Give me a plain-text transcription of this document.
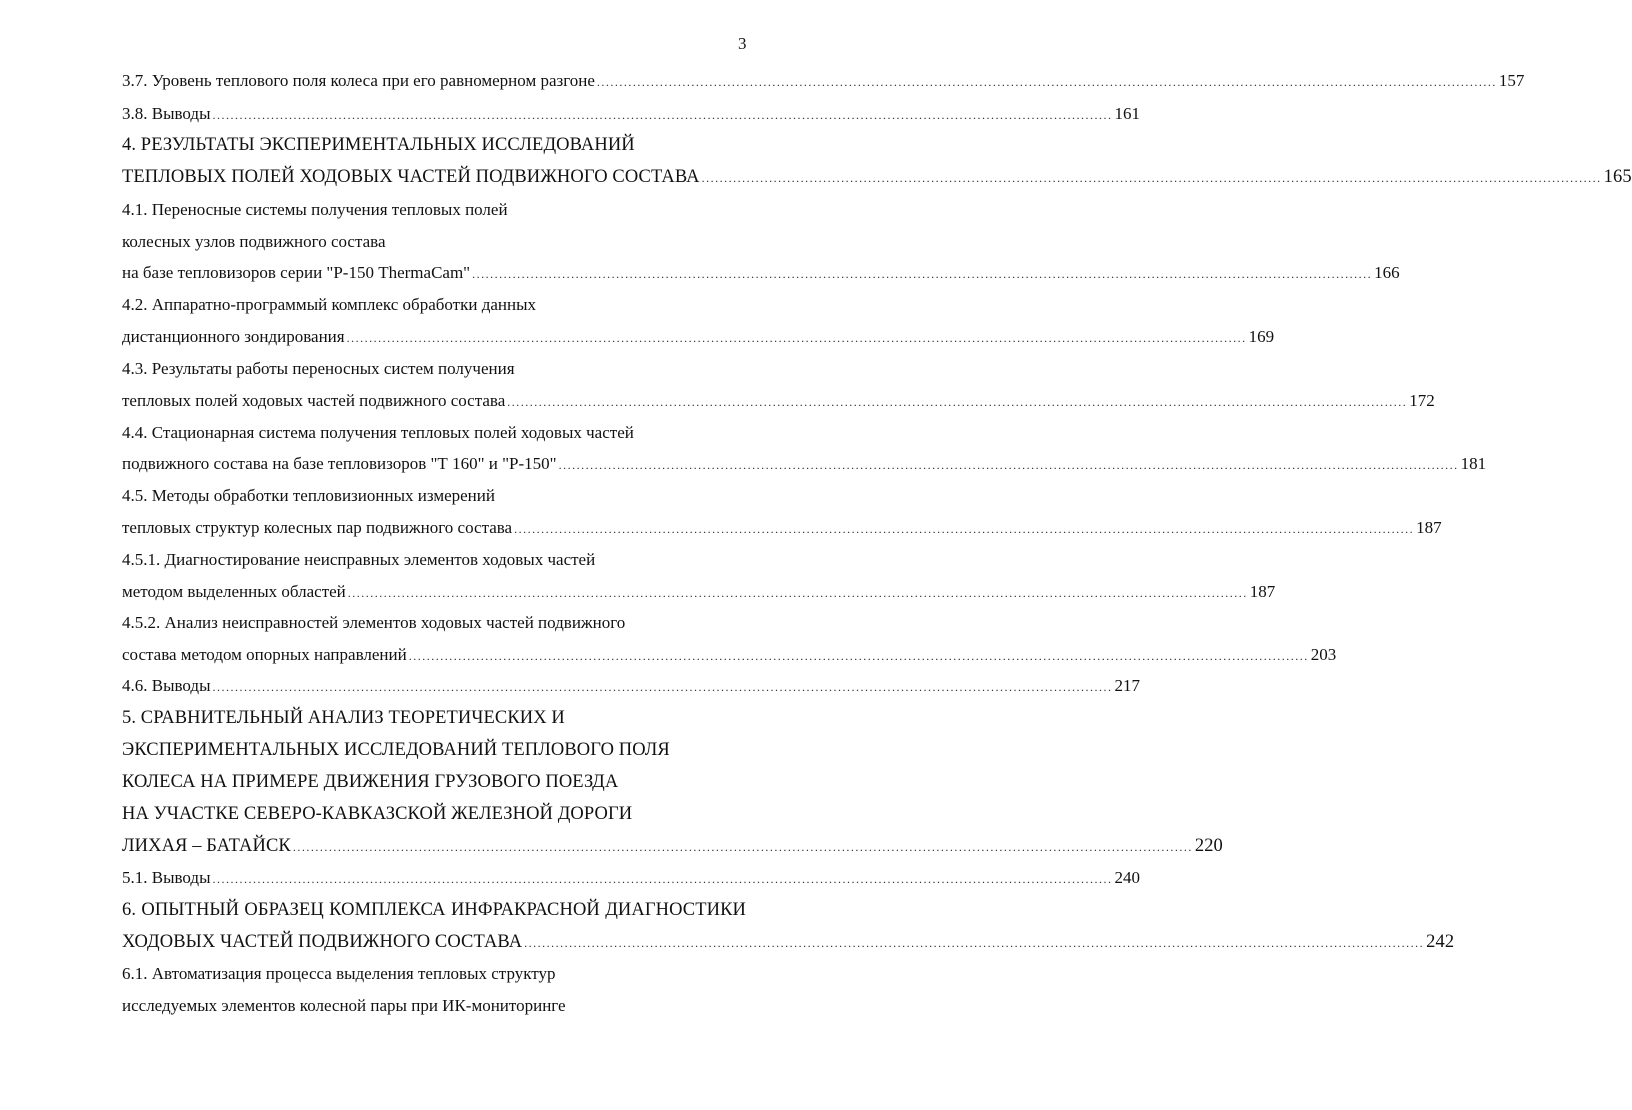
3
3.7. Уровень теплового поля колеса при его равномерном разгоне ........................................................................................................................................................................................................ 157
3.8. Выводы ........................................................................................................................................................................................................ 161
4. РЕЗУЛЬТАТЫ ЭКСПЕРИМЕНТАЛЬНЫХ ИССЛЕДОВАНИЙ
ТЕПЛОВЫХ ПОЛЕЙ ХОДОВЫХ ЧАСТЕЙ ПОДВИЖНОГО СОСТАВА ........................................................................................................................................................................................................ 165
4.1. Переносные системы получения тепловых полей
колесных узлов подвижного состава
на базе тепловизоров серии "Р-150 ThermaCam" ........................................................................................................................................................................................................ 166
4.2. Аппаратно-программый комплекс обработки данных
дистанционного зондирования ........................................................................................................................................................................................................ 169
4.3. Результаты работы переносных систем получения
тепловых полей ходовых частей подвижного состава ........................................................................................................................................................................................................ 172
4.4. Стационарная система получения тепловых полей ходовых частей
подвижного состава на базе тепловизоров "Т 160" и "Р-150" ........................................................................................................................................................................................................ 181
4.5. Методы обработки тепловизионных измерений
тепловых структур колесных пар подвижного состава ........................................................................................................................................................................................................ 187
4.5.1. Диагностирование неисправных элементов ходовых частей
методом выделенных областей ........................................................................................................................................................................................................ 187
4.5.2. Анализ неисправностей элементов ходовых частей подвижного
состава методом опорных направлений ........................................................................................................................................................................................................ 203
4.6. Выводы ........................................................................................................................................................................................................ 217
5. СРАВНИТЕЛЬНЫЙ АНАЛИЗ ТЕОРЕТИЧЕСКИХ И
ЭКСПЕРИМЕНТАЛЬНЫХ ИССЛЕДОВАНИЙ ТЕПЛОВОГО ПОЛЯ
КОЛЕСА НА ПРИМЕРЕ ДВИЖЕНИЯ ГРУЗОВОГО ПОЕЗДА
НА УЧАСТКЕ СЕВЕРО-КАВКАЗСКОЙ ЖЕЛЕЗНОЙ ДОРОГИ
ЛИХАЯ – БАТАЙСК ........................................................................................................................................................................................................ 220
5.1. Выводы ........................................................................................................................................................................................................ 240
6. ОПЫТНЫЙ ОБРАЗЕЦ КОМПЛЕКСА ИНФРАКРАСНОЙ ДИАГНОСТИКИ
ХОДОВЫХ ЧАСТЕЙ ПОДВИЖНОГО СОСТАВА ........................................................................................................................................................................................................ 242
6.1. Автоматизация процесса выделения тепловых структур
исследуемых элементов колесной пары при ИК-мониторинге
